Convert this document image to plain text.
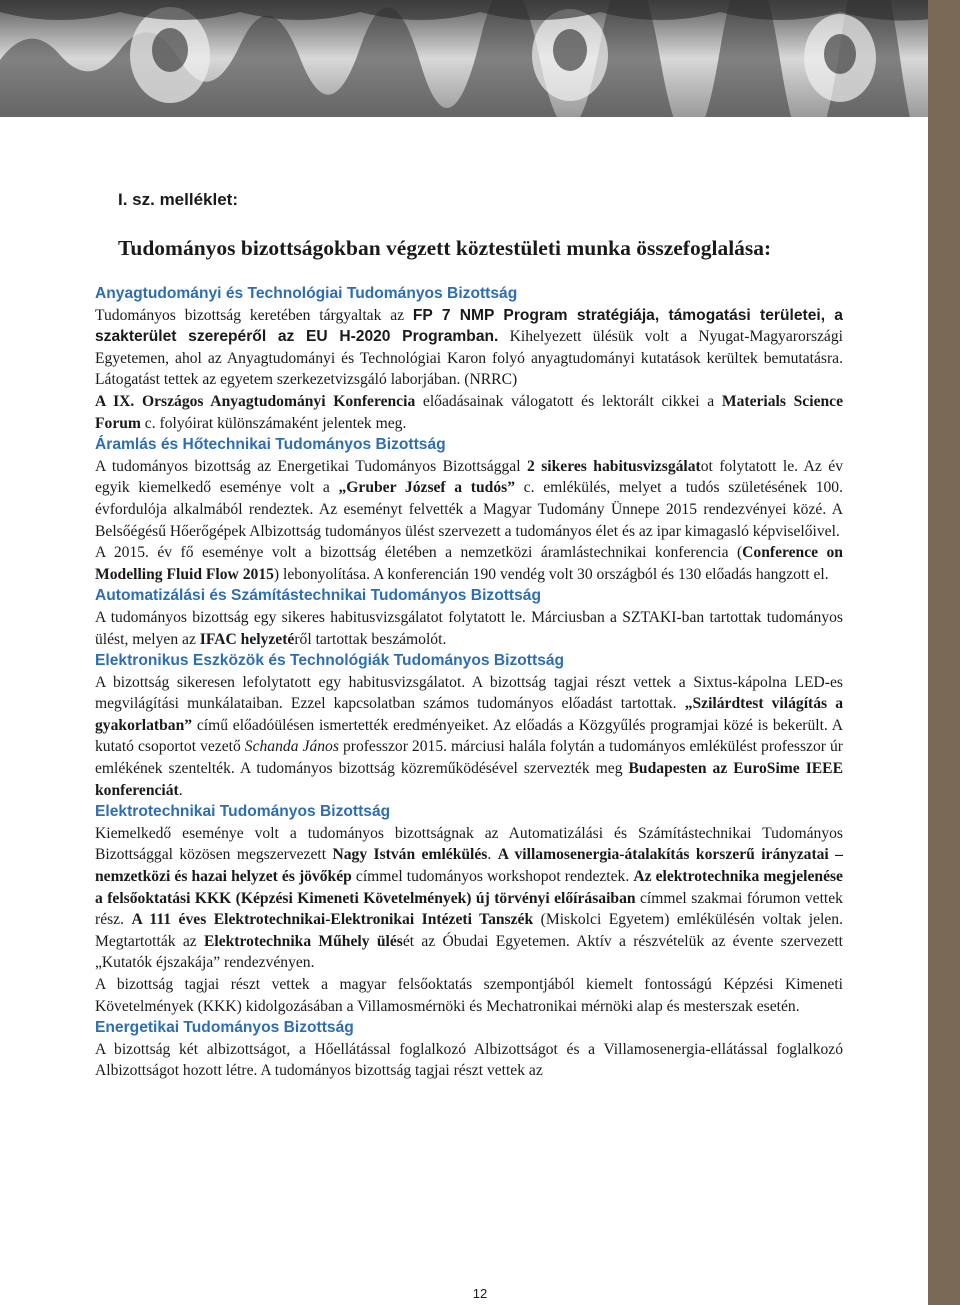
I. sz. melléklet:

Tudományos bizottságokban végzett köztestületi munka összefoglalása:
Anyagtudományi és Technológiai Tudományos Bizottság

Tudományos bizottság keretében tárgyaltak az FP 7 NMP Program stratégiája, támogatási területei, a szakterület szerepéről az EU H-2020 Programban. Kihelyezett ülésük volt a Nyugat-Magyarországi Egyetemen, ahol az Anyagtudományi és Technológiai Karon folyó anyagtudományi kutatások kerültek bemutatásra. Látogatást tettek az egyetem szerkezetvizsgáló laborjában. (NRRC)

A IX. Országos Anyagtudományi Konferencia előadásainak válogatott és lektorált cikkei a Materials Science Forum c. folyóirat különszámaként jelentek meg.

Áramlás és Hőtechnikai Tudományos Bizottság

A tudományos bizottság az Energetikai Tudományos Bizottsággal 2 sikeres habitusvizsgálatot folytatott le. Az év egyik kiemelkedő eseménye volt a „Gruber József a tudós” c. emlékülés, melyet a tudós születésének 100. évfordulója alkalmából rendeztek. Az eseményt felvették a Magyar Tudomány Ünnepe 2015 rendezvényei közé. A Belsőégésű Hőerőgépek Albizottság tudományos ülést szervezett a tudományos élet és az ipar kimagasló képviselőivel.

A 2015. év fő eseménye volt a bizottság életében a nemzetközi áramlástechnikai konferencia (Conference on Modelling Fluid Flow 2015) lebonyolítása. A konferencián 190 vendég volt 30 országból és 130 előadás hangzott el.

Automatizálási és Számítástechnikai Tudományos Bizottság

A tudományos bizottság egy sikeres habitusvizsgálatot folytatott le. Márciusban a SZTAKI-ban tartottak tudományos ülést, melyen az IFAC helyzetéről tartottak beszámolót.

Elektronikus Eszközök és Technológiák Tudományos Bizottság

A bizottság sikeresen lefolytatott egy habitusvizsgálatot. A bizottság tagjai részt vettek a Sixtus-kápolna LED-es megvilágítási munkálataiban. Ezzel kapcsolatban számos tudományos előadást tartottak. „Szilárdtest világítás a gyakorlatban” című előadóülésen ismertették eredményeiket. Az előadás a Közgyűlés programjai közé is bekerült. A kutató csoportot vezető Schanda János professzor 2015. márciusi halála folytán a tudományos emlékülést professzor úr emlékének szentelték. A tudományos bizottság közreműködésével szervezték meg Budapesten az EuroSime IEEE konferenciát.

Elektrotechnikai Tudományos Bizottság

Kiemelkedő eseménye volt a tudományos bizottságnak az Automatizálási és Számítástechnikai Tudományos Bizottsággal közösen megszervezett Nagy István emlékülés. A villamosenergia-átalakítás korszerű irányzatai – nemzetközi és hazai helyzet és jövőkép címmel tudományos workshopot rendeztek. Az elektrotechnika megjelenése a felsőoktatási KKK (Képzési Kimeneti Követelmények) új törvényi előírásaiban címmel szakmai fórumon vettek rész. A 111 éves Elektrotechnikai-Elektronikai Intézeti Tanszék (Miskolci Egyetem) emlékülésén voltak jelen. Megtartották az Elektrotechnika Műhely ülését az Óbudai Egyetemen. Aktív a részvételük az évente szervezett „Kutatók éjszakája” rendezvényen.

A bizottság tagjai részt vettek a magyar felsőoktatás szempontjából kiemelt fontosságú Képzési Kimeneti Követelmények (KKK) kidolgozásában a Villamosmérnöki és Mechatronikai mérnöki alap és mesterszak esetén.

Energetikai Tudományos Bizottság

A bizottság két albizottságot, a Hőellátással foglalkozó Albizottságot és a Villamosenergia-ellátással foglalkozó Albizottságot hozott létre. A tudományos bizottság tagjai részt vettek az

12
